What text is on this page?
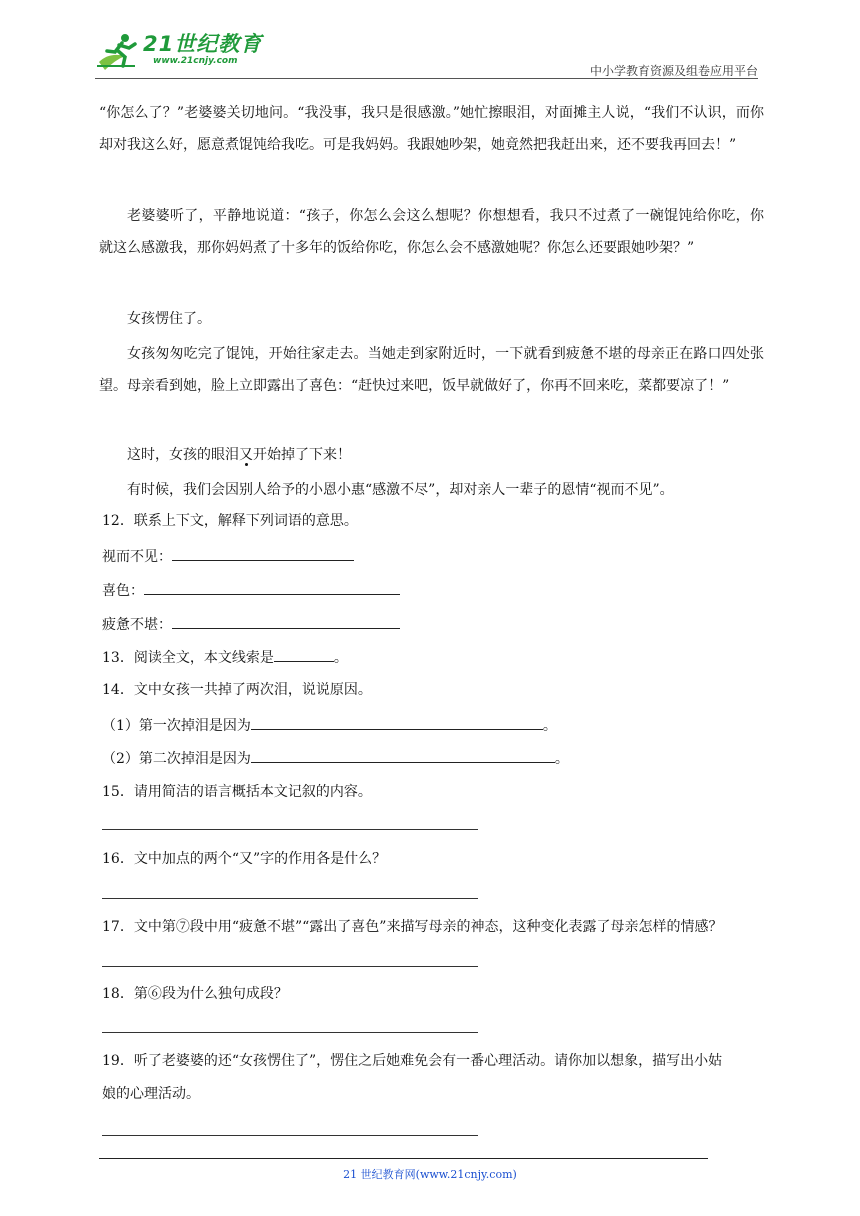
21世纪教育
www.21cnjy.com
中小学教育资源及组卷应用平台

“你怎么了？”老婆婆关切地问。“我没事，我只是很感激。”她忙擦眼泪，对面摊主人说，“我们不认识，而你却对我这么好，愿意煮馄饨给我吃。可是我妈妈。我跟她吵架，她竟然把我赶出来，还不要我再回去！”

老婆婆听了，平静地说道：“孩子，你怎么会这么想呢？你想想看，我只不过煮了一碗馄饨给你吃，你就这么感激我，那你妈妈煮了十多年的饭给你吃，你怎么会不感激她呢？你怎么还要跟她吵架？”

女孩愣住了。

女孩匆匆吃完了馄饨，开始往家走去。当她走到家附近时，一下就看到疲惫不堪的母亲正在路口四处张望。母亲看到她，脸上立即露出了喜色：“赶快过来吧，饭早就做好了，你再不回来吃，菜都要凉了！”

这时，女孩的眼泪又开始掉了下来！

有时候，我们会因别人给予的小恩小惠“感激不尽”，却对亲人一辈子的恩情“视而不见”。

12．联系上下文，解释下列词语的意思。
视而不见：
喜色：
疲惫不堪：
13．阅读全文，本文线索是	。
14．文中女孩一共掉了两次泪，说说原因。
（1）第一次掉泪是因为	。
（2）第二次掉泪是因为	。
15．请用简洁的语言概括本文记叙的内容。
16．文中加点的两个“又”字的作用各是什么？
17．文中第⑦段中用“疲惫不堪”“露出了喜色”来描写母亲的神态，这种变化表露了母亲怎样的情感？
18．第⑥段为什么独句成段？
19．听了老婆婆的还“女孩愣住了”，愣住之后她难免会有一番心理活动。请你加以想象，描写出小姑
娘的心理活动。
21 世纪教育网(www.21cnjy.com)
